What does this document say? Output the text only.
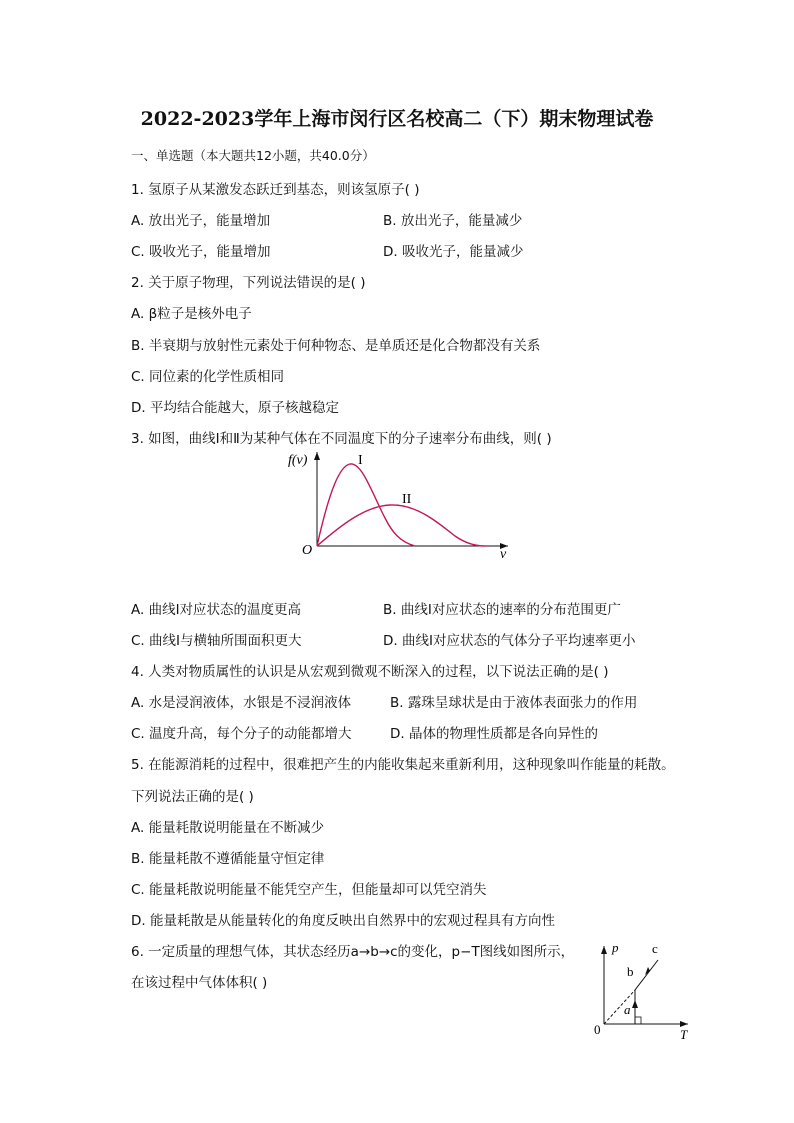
2022-2023学年上海市闵行区名校高二（下）期末物理试卷
一、单选题（本大题共12小题，共40.0分）
1. 氢原子从某激发态跃迁到基态，则该氢原子( )
A. 放出光子，能量增加	B. 放出光子，能量减少
C. 吸收光子，能量增加	D. 吸收光子，能量减少
2. 关于原子物理，下列说法错误的是( )
A. β粒子是核外电子
B. 半衰期与放射性元素处于何种物态、是单质还是化合物都没有关系
C. 同位素的化学性质相同
D. 平均结合能越大，原子核越稳定
3. 如图，曲线Ⅰ和Ⅱ为某种气体在不同温度下的分子速率分布曲线，则( )
f(v)
v
O
I
II
A. 曲线Ⅰ对应状态的温度更高	B. 曲线Ⅰ对应状态的速率的分布范围更广
C. 曲线Ⅰ与横轴所围面积更大	D. 曲线Ⅰ对应状态的气体分子平均速率更小
4. 人类对物质属性的认识是从宏观到微观不断深入的过程，以下说法正确的是( )
A. 水是浸润液体，水银是不浸润液体	B. 露珠呈球状是由于液体表面张力的作用
C. 温度升高，每个分子的动能都增大	D. 晶体的物理性质都是各向异性的
5. 在能源消耗的过程中，很难把产生的内能收集起来重新利用，这种现象叫作能量的耗散。
下列说法正确的是( )
A. 能量耗散说明能量在不断减少
B. 能量耗散不遵循能量守恒定律
C. 能量耗散说明能量不能凭空产生，但能量却可以凭空消失
D. 能量耗散是从能量转化的角度反映出自然界中的宏观过程具有方向性
6. 一定质量的理想气体，其状态经历a→b→c的变化，p−T图线如图所示，
在该过程中气体体积( )
p
T
0
a
b
c
